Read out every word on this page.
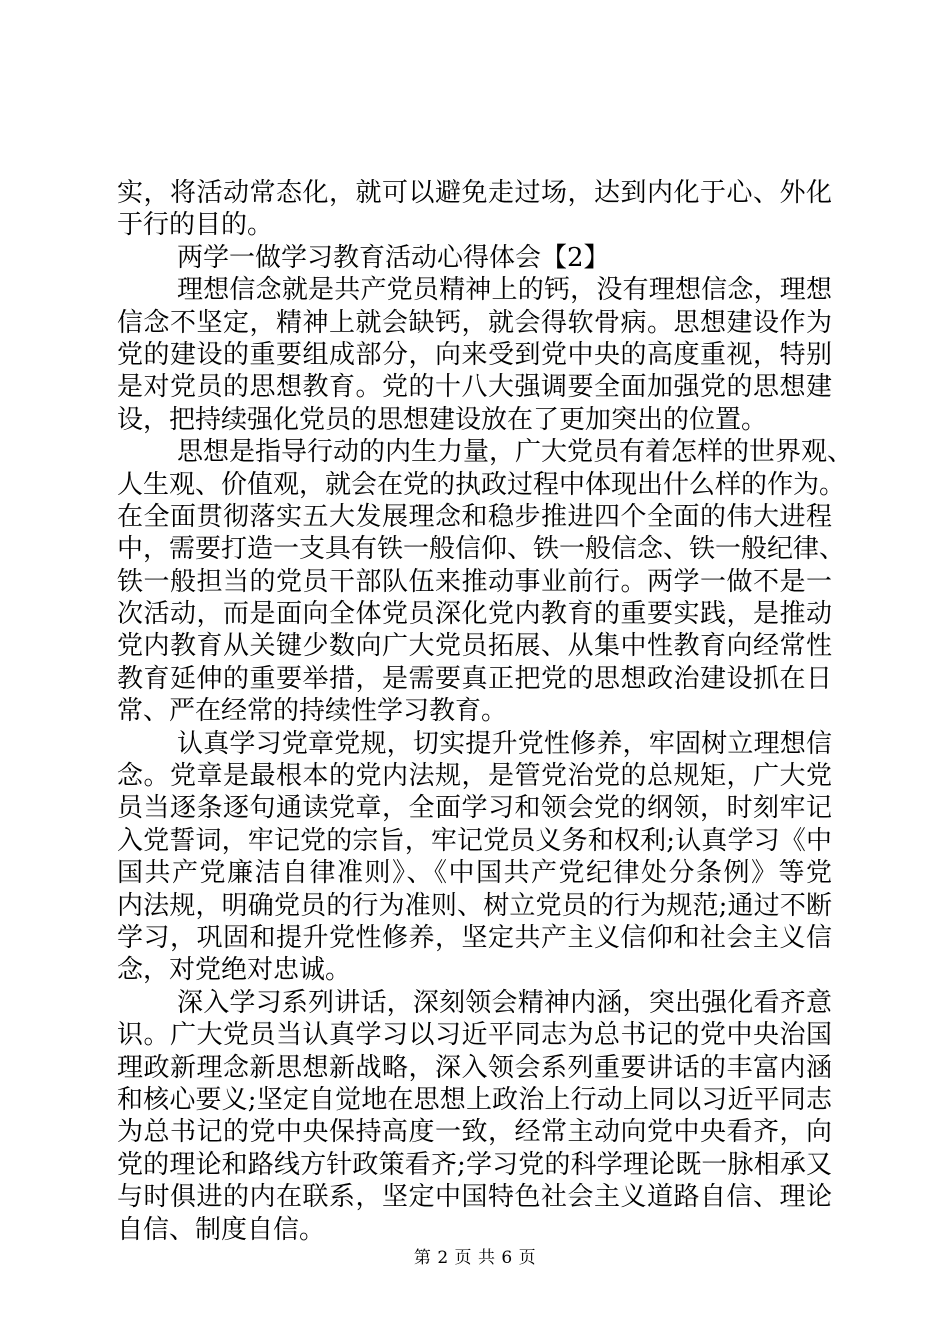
实，将活动常态化，就可以避免走过场，达到内化于心、外化
于行的目的。
两学一做学习教育活动心得体会【2】
理想信念就是共产党员精神上的钙，没有理想信念，理想
信念不坚定，精神上就会缺钙，就会得软骨病。思想建设作为
党的建设的重要组成部分，向来受到党中央的高度重视，特别
是对党员的思想教育。党的十八大强调要全面加强党的思想建
设，把持续强化党员的思想建设放在了更加突出的位置。
思想是指导行动的内生力量，广大党员有着怎样的世界观、
人生观、价值观，就会在党的执政过程中体现出什么样的作为。
在全面贯彻落实五大发展理念和稳步推进四个全面的伟大进程
中，需要打造一支具有铁一般信仰、铁一般信念、铁一般纪律、
铁一般担当的党员干部队伍来推动事业前行。两学一做不是一
次活动，而是面向全体党员深化党内教育的重要实践，是推动
党内教育从关键少数向广大党员拓展、从集中性教育向经常性
教育延伸的重要举措，是需要真正把党的思想政治建设抓在日
常、严在经常的持续性学习教育。
认真学习党章党规，切实提升党性修养，牢固树立理想信
念。党章是最根本的党内法规，是管党治党的总规矩，广大党
员当逐条逐句通读党章，全面学习和领会党的纲领，时刻牢记
入党誓词，牢记党的宗旨，牢记党员义务和权利;认真学习《中
国共产党廉洁自律准则》、《中国共产党纪律处分条例》等党
内法规，明确党员的行为准则、树立党员的行为规范;通过不断
学习，巩固和提升党性修养，坚定共产主义信仰和社会主义信
念，对党绝对忠诚。
深入学习系列讲话，深刻领会精神内涵，突出强化看齐意
识。广大党员当认真学习以习近平同志为总书记的党中央治国
理政新理念新思想新战略，深入领会系列重要讲话的丰富内涵
和核心要义;坚定自觉地在思想上政治上行动上同以习近平同志
为总书记的党中央保持高度一致，经常主动向党中央看齐，向
党的理论和路线方针政策看齐;学习党的科学理论既一脉相承又
与时俱进的内在联系，坚定中国特色社会主义道路自信、理论
自信、制度自信。
第 2 页 共 6 页
